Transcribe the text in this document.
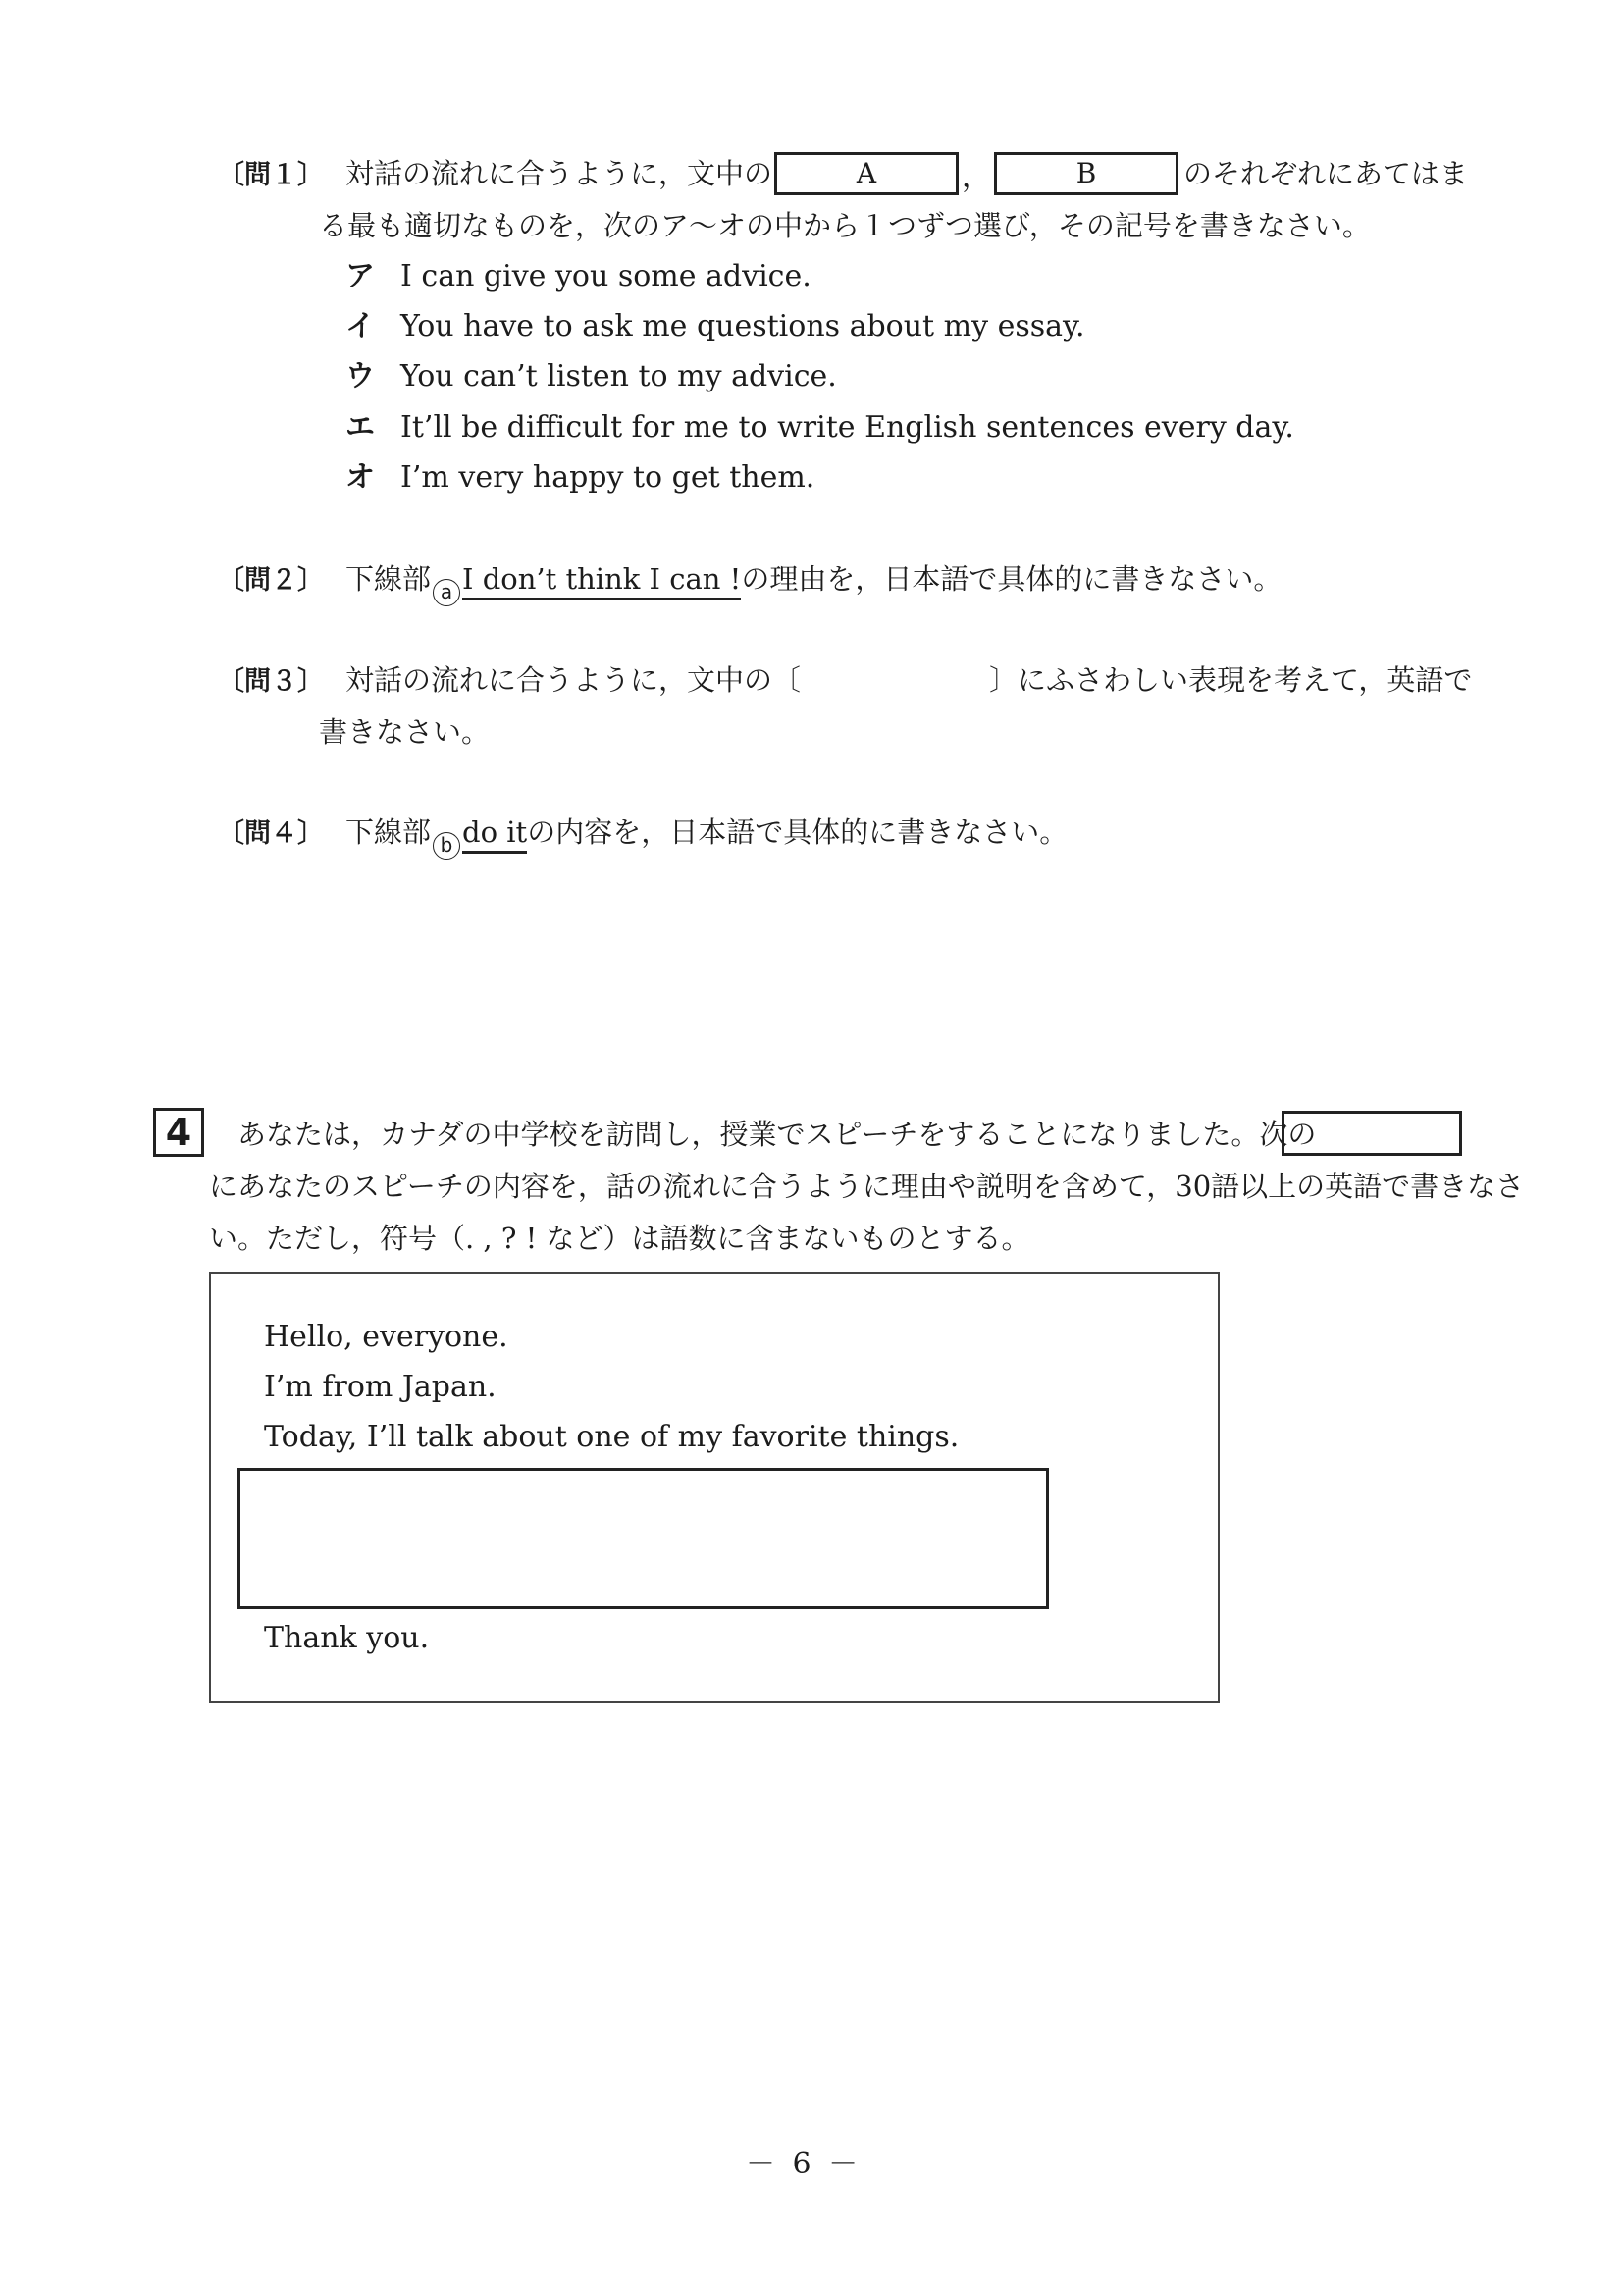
〔問１〕 対話の流れに合うように，文中の	A	，	B	のそれぞれにあてはま
る最も適切なものを，次のア～オの中から１つずつ選び，その記号を書きなさい。
ア I can give you some advice.
イ You have to ask me questions about my essay.
ウ You can’t listen to my advice.
エ It’ll be difficult for me to write English sentences every day.
オ I’m very happy to get them.
〔問２〕 下線部 a I don’t think I can !の理由を，日本語で具体的に書きなさい。
〔問３〕 対話の流れに合うように，文中の〔	〕にふさわしい表現を考えて，英語で
書きなさい。
〔問４〕 下線部 b do itの内容を，日本語で具体的に書きなさい。
4	あなたは，カナダの中学校を訪問し，授業でスピーチをすることになりました。次の
にあなたのスピーチの内容を，話の流れに合うように理由や説明を含めて，30語以上の英語で書きなさ
い。ただし，符号（. , ? ! など）は語数に含まないものとする。
Hello, everyone.
I’m from Japan.
Today, I’ll talk about one of my favorite things.
Thank you.
－ 6 －
